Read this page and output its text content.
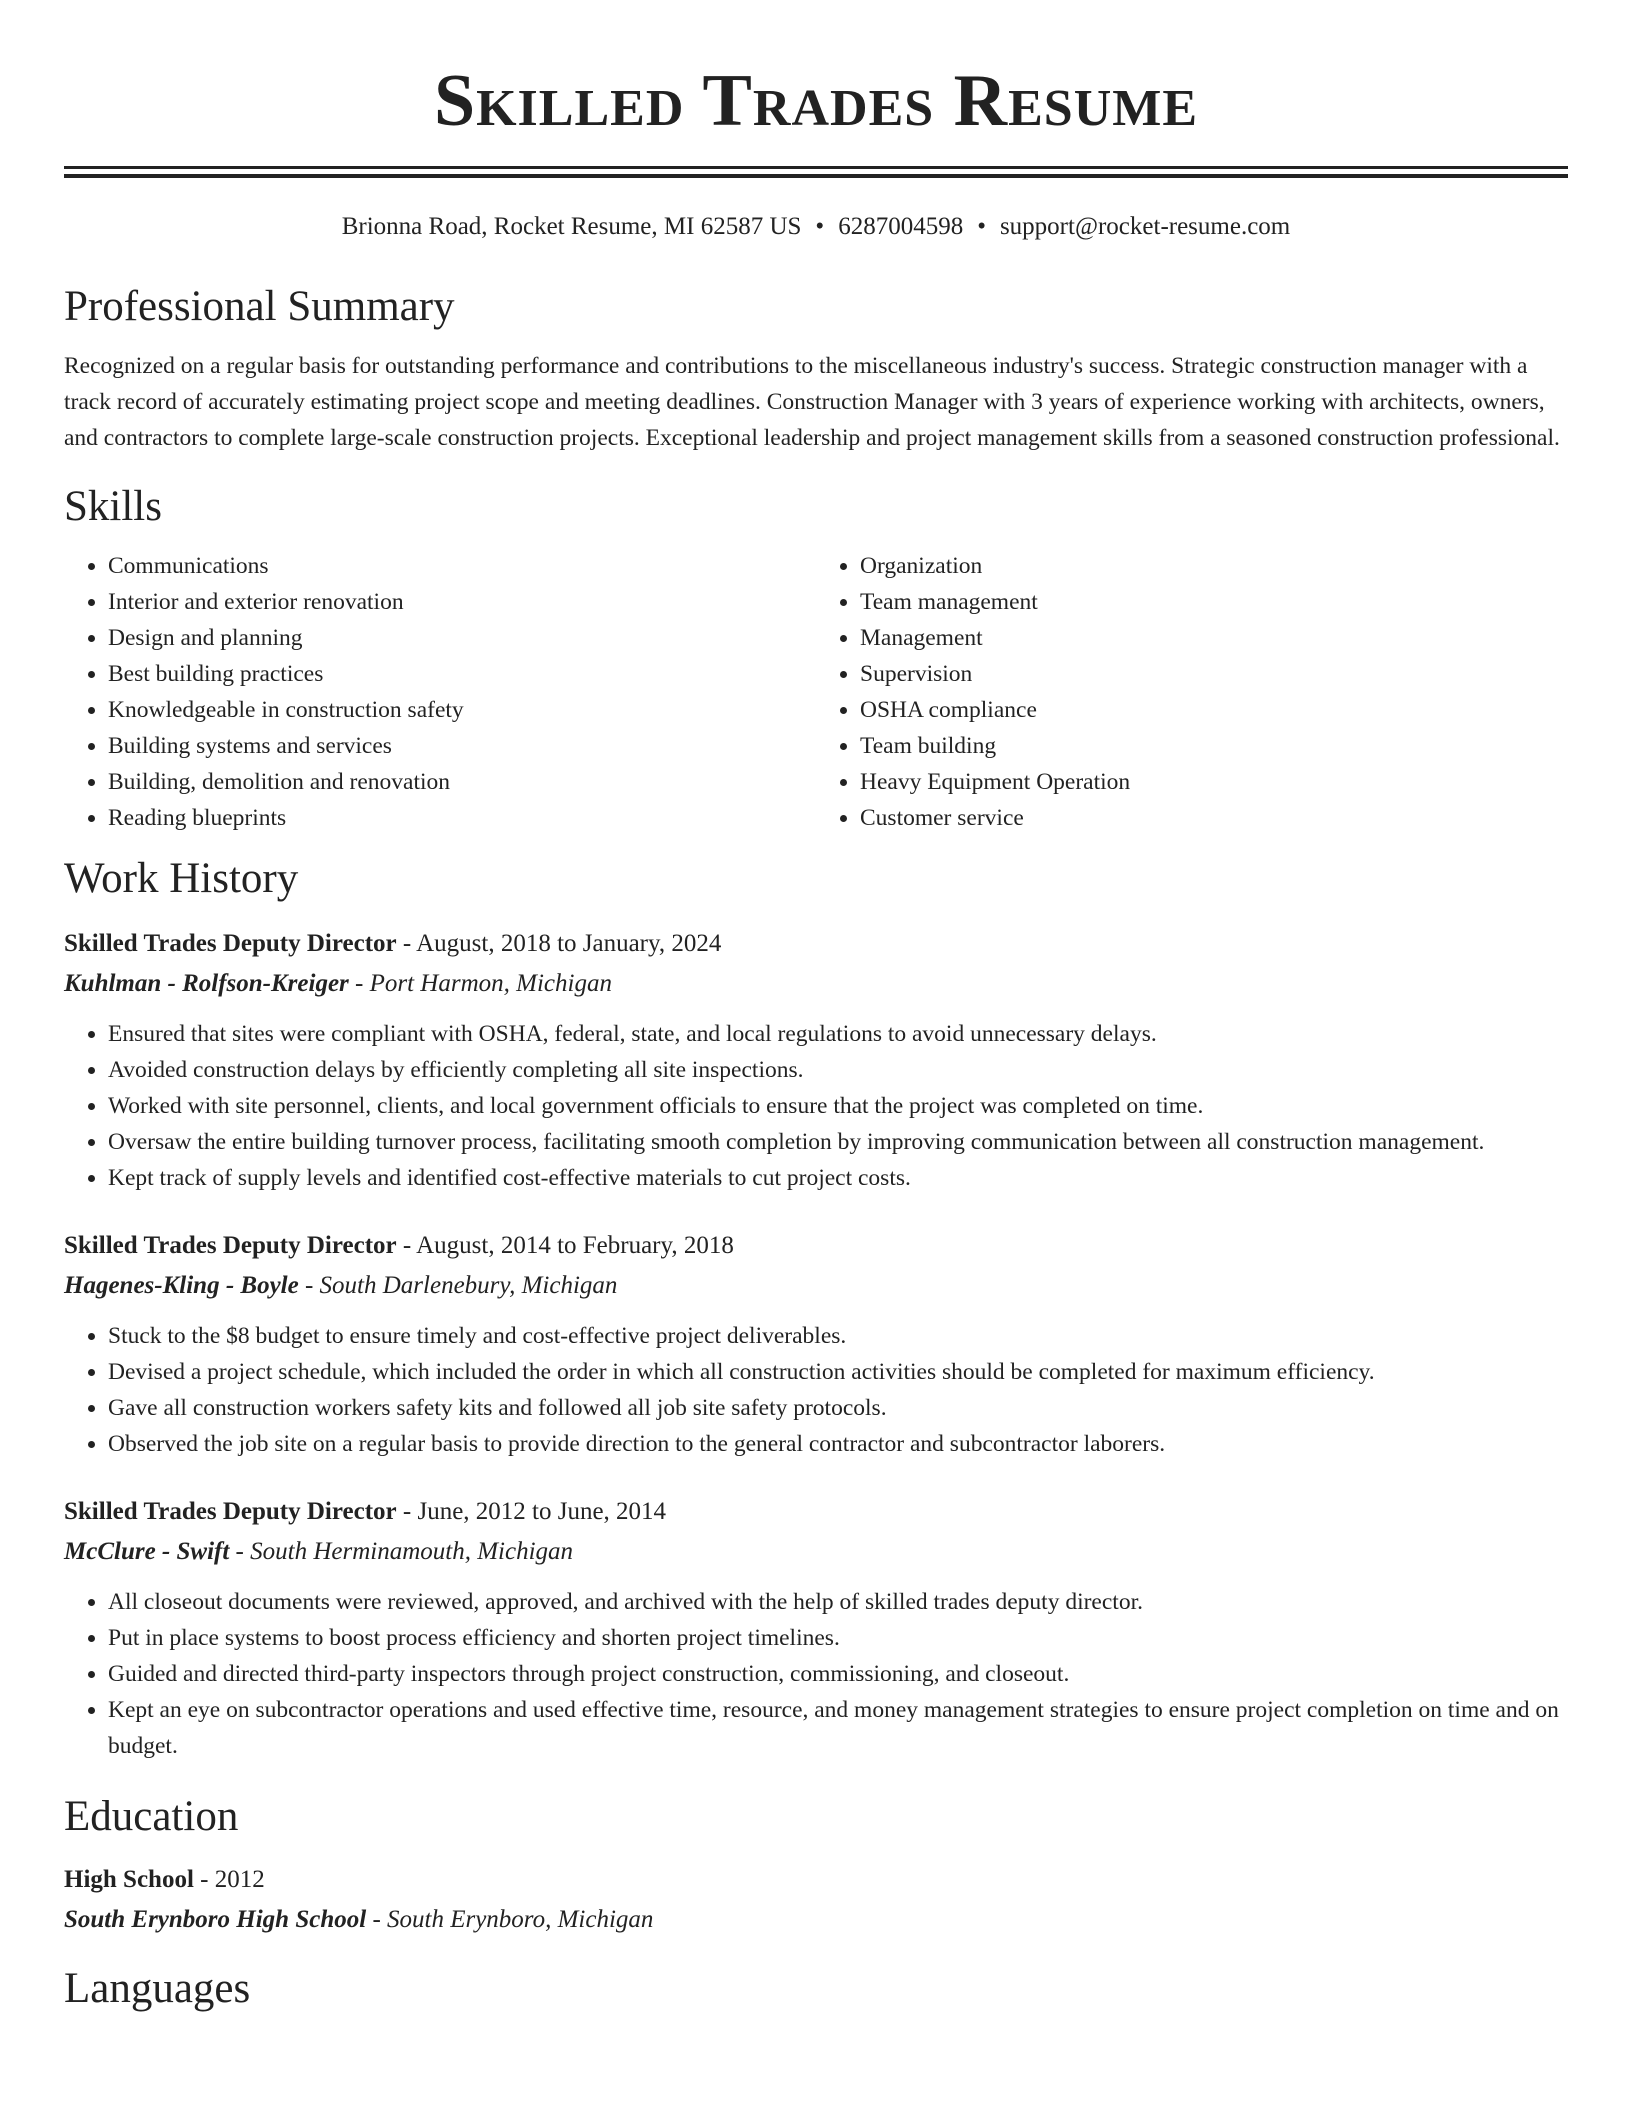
Skilled Trades Resume
Brionna Road, Rocket Resume, MI 62587 US • 6287004598 • support@rocket-resume.com
Professional Summary
Recognized on a regular basis for outstanding performance and contributions to the miscellaneous industry's success. Strategic construction manager with a track record of accurately estimating project scope and meeting deadlines. Construction Manager with 3 years of experience working with architects, owners, and contractors to complete large-scale construction projects. Exceptional leadership and project management skills from a seasoned construction professional.
Skills
• Communications
• Interior and exterior renovation
• Design and planning
• Best building practices
• Knowledgeable in construction safety
• Building systems and services
• Building, demolition and renovation
• Reading blueprints
• Organization
• Team management
• Management
• Supervision
• OSHA compliance
• Team building
• Heavy Equipment Operation
• Customer service
Work History
Skilled Trades Deputy Director - August, 2018 to January, 2024
Kuhlman - Rolfson-Kreiger - Port Harmon, Michigan
• Ensured that sites were compliant with OSHA, federal, state, and local regulations to avoid unnecessary delays.
• Avoided construction delays by efficiently completing all site inspections.
• Worked with site personnel, clients, and local government officials to ensure that the project was completed on time.
• Oversaw the entire building turnover process, facilitating smooth completion by improving communication between all construction management.
• Kept track of supply levels and identified cost-effective materials to cut project costs.
Skilled Trades Deputy Director - August, 2014 to February, 2018
Hagenes-Kling - Boyle - South Darlenebury, Michigan
• Stuck to the $8 budget to ensure timely and cost-effective project deliverables.
• Devised a project schedule, which included the order in which all construction activities should be completed for maximum efficiency.
• Gave all construction workers safety kits and followed all job site safety protocols.
• Observed the job site on a regular basis to provide direction to the general contractor and subcontractor laborers.
Skilled Trades Deputy Director - June, 2012 to June, 2014
McClure - Swift - South Herminamouth, Michigan
• All closeout documents were reviewed, approved, and archived with the help of skilled trades deputy director.
• Put in place systems to boost process efficiency and shorten project timelines.
• Guided and directed third-party inspectors through project construction, commissioning, and closeout.
• Kept an eye on subcontractor operations and used effective time, resource, and money management strategies to ensure project completion on time and on budget.
Education
High School - 2012
South Erynboro High School - South Erynboro, Michigan
Languages
